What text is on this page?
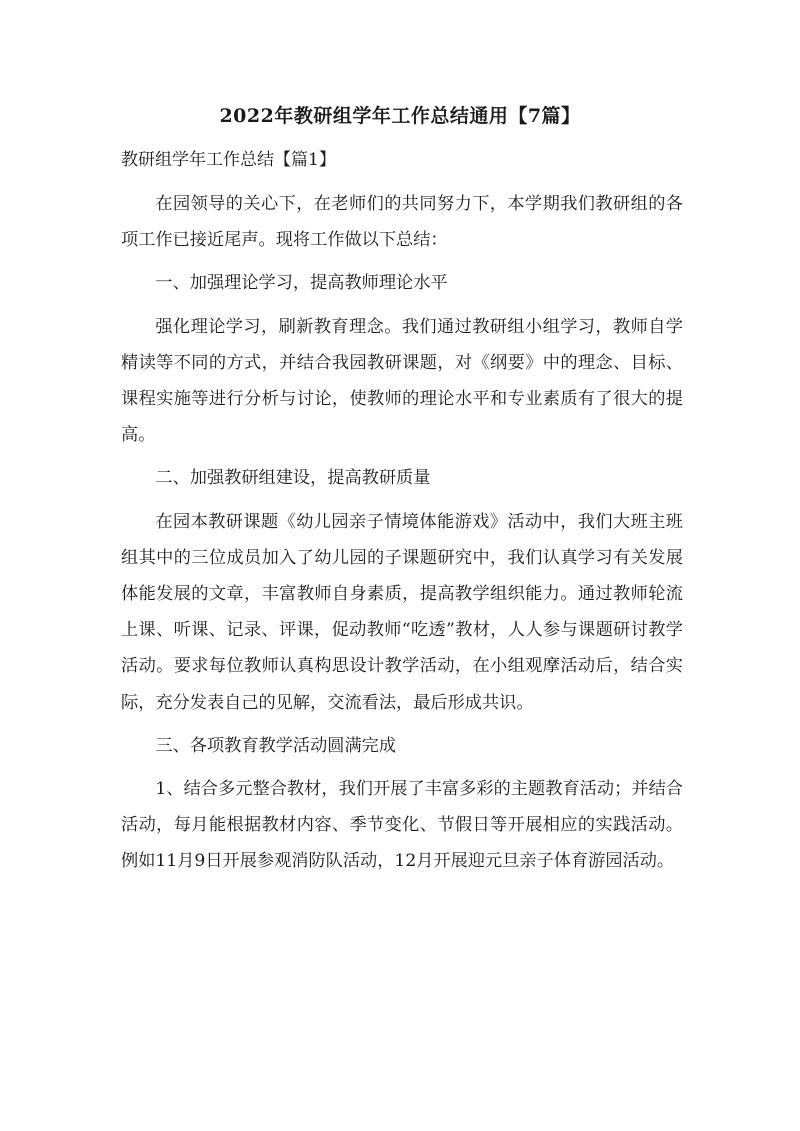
2022年教研组学年工作总结通用【7篇】
教研组学年工作总结【篇1】

在园领导的关心下，在老师们的共同努力下，本学期我们教研组的各项工作已接近尾声。现将工作做以下总结：

一、加强理论学习，提高教师理论水平

强化理论学习，刷新教育理念。我们通过教研组小组学习，教师自学精读等不同的方式，并结合我园教研课题，对《纲要》中的理念、目标、课程实施等进行分析与讨论，使教师的理论水平和专业素质有了很大的提高。

二、加强教研组建设，提高教研质量

在园本教研课题《幼儿园亲子情境体能游戏》活动中，我们大班主班组其中的三位成员加入了幼儿园的子课题研究中，我们认真学习有关发展体能发展的文章，丰富教师自身素质，提高教学组织能力。通过教师轮流上课、听课、记录、评课，促动教师“吃透”教材，人人参与课题研讨教学活动。要求每位教师认真构思设计教学活动，在小组观摩活动后，结合实际，充分发表自己的见解，交流看法，最后形成共识。

三、各项教育教学活动圆满完成

1、结合多元整合教材，我们开展了丰富多彩的主题教育活动；并结合活动，每月能根据教材内容、季节变化、节假日等开展相应的实践活动。例如11月9日开展参观消防队活动，12月开展迎元旦亲子体育游园活动。
